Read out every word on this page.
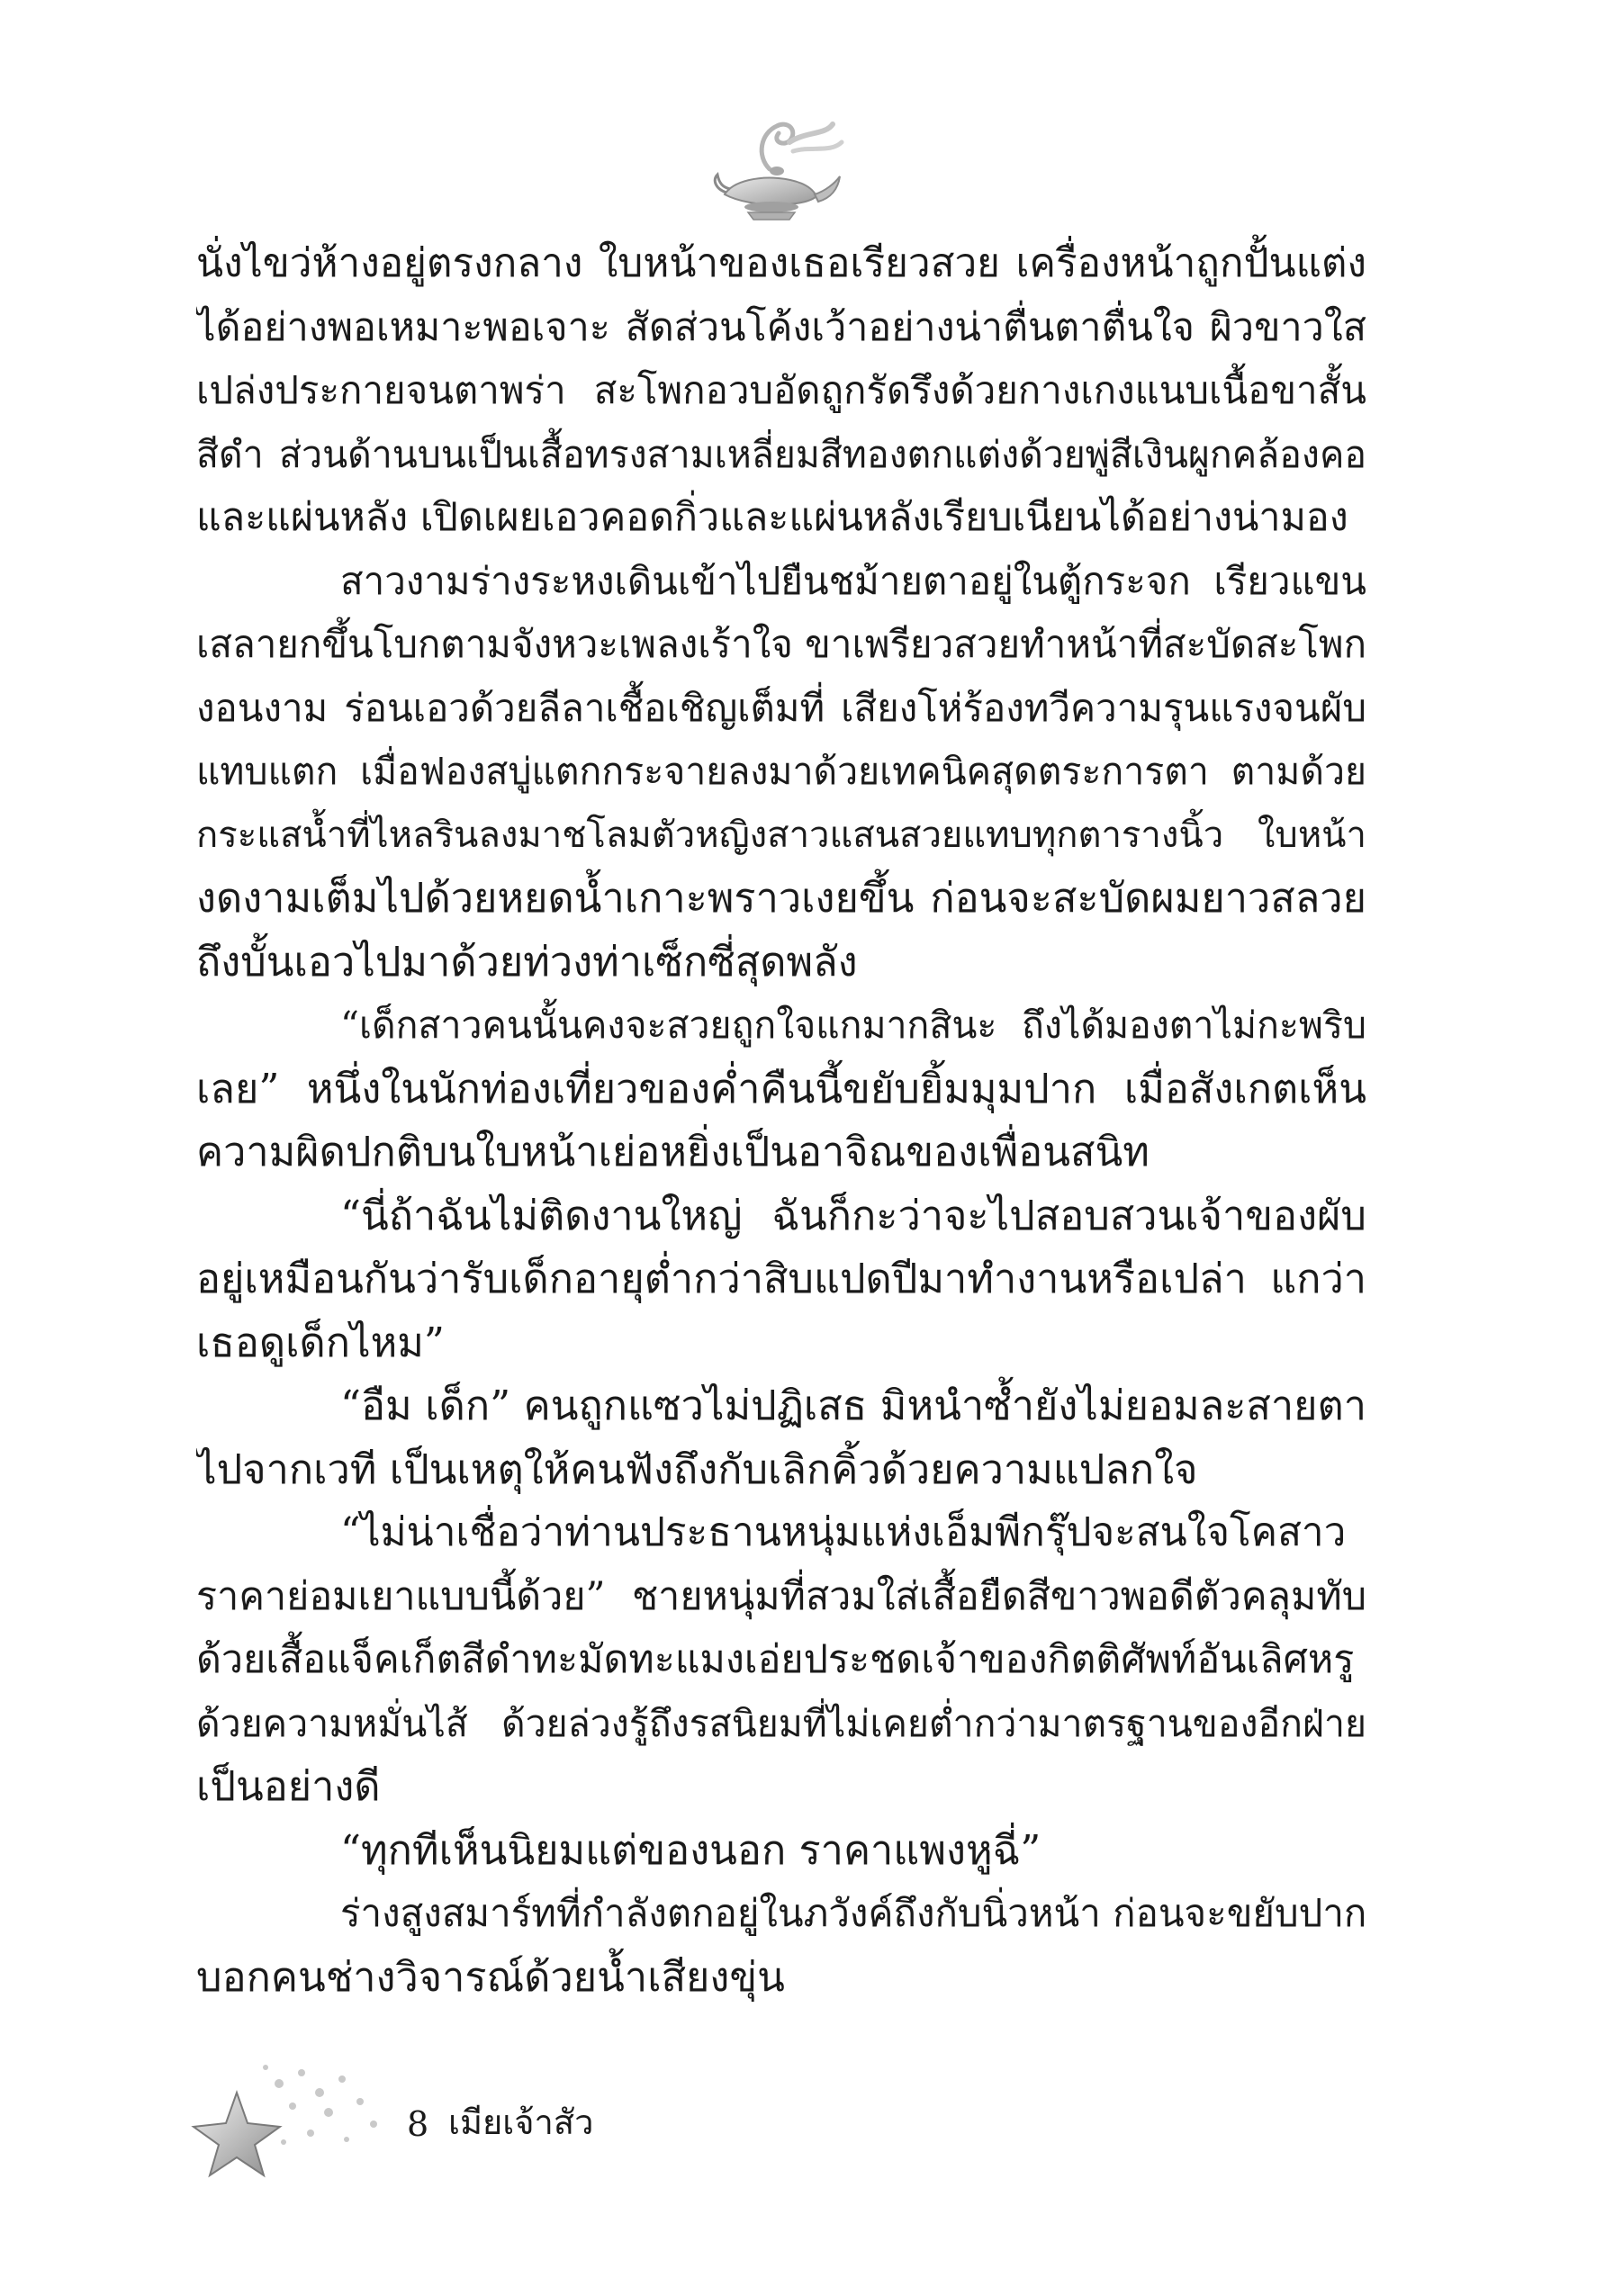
นั่งไขว่ห้างอยู่ตรงกลาง ใบหน้าของเธอเรียวสวย เครื่องหน้าถูกปั้นแต่ง
ได้อย่างพอเหมาะพอเจาะ สัดส่วนโค้งเว้าอย่างน่าตื่นตาตื่นใจ ผิวขาวใส
เปล่งประกายจนตาพร่า สะโพกอวบอัดถูกรัดรึงด้วยกางเกงแนบเนื้อขาสั้น
สีดำ ส่วนด้านบนเป็นเสื้อทรงสามเหลี่ยมสีทองตกแต่งด้วยพู่สีเงินผูกคล้องคอ
และแผ่นหลัง เปิดเผยเอวคอดกิ่วและแผ่นหลังเรียบเนียนได้อย่างน่ามอง
สาวงามร่างระหงเดินเข้าไปยืนชม้ายตาอยู่ในตู้กระจก เรียวแขน
เสลายกขึ้นโบกตามจังหวะเพลงเร้าใจ ขาเพรียวสวยทำหน้าที่สะบัดสะโพก
งอนงาม ร่อนเอวด้วยลีลาเชื้อเชิญเต็มที่ เสียงโห่ร้องทวีความรุนแรงจนผับ
แทบแตก เมื่อฟองสบู่แตกกระจายลงมาด้วยเทคนิคสุดตระการตา ตามด้วย
กระแสน้ำที่ไหลรินลงมาชโลมตัวหญิงสาวแสนสวยแทบทุกตารางนิ้ว ใบหน้า
งดงามเต็มไปด้วยหยดน้ำเกาะพราวเงยขึ้น ก่อนจะสะบัดผมยาวสลวย
ถึงบั้นเอวไปมาด้วยท่วงท่าเซ็กซี่สุดพลัง
“เด็กสาวคนนั้นคงจะสวยถูกใจแกมากสินะ ถึงได้มองตาไม่กะพริบ
เลย” หนึ่งในนักท่องเที่ยวของค่ำคืนนี้ขยับยิ้มมุมปาก เมื่อสังเกตเห็น
ความผิดปกติบนใบหน้าเย่อหยิ่งเป็นอาจิณของเพื่อนสนิท
“นี่ถ้าฉันไม่ติดงานใหญ่ ฉันก็กะว่าจะไปสอบสวนเจ้าของผับ
อยู่เหมือนกันว่ารับเด็กอายุต่ำกว่าสิบแปดปีมาทำงานหรือเปล่า แกว่า
เธอดูเด็กไหม”
“อืม เด็ก” คนถูกแซวไม่ปฏิเสธ มิหนำซ้ำยังไม่ยอมละสายตา
ไปจากเวที เป็นเหตุให้คนฟังถึงกับเลิกคิ้วด้วยความแปลกใจ
“ไม่น่าเชื่อว่าท่านประธานหนุ่มแห่งเอ็มพีกรุ๊ปจะสนใจโคสาว
ราคาย่อมเยาแบบนี้ด้วย” ชายหนุ่มที่สวมใส่เสื้อยืดสีขาวพอดีตัวคลุมทับ
ด้วยเสื้อแจ็คเก็ตสีดำทะมัดทะแมงเอ่ยประชดเจ้าของกิตติศัพท์อันเลิศหรู
ด้วยความหมั่นไส้ ด้วยล่วงรู้ถึงรสนิยมที่ไม่เคยต่ำกว่ามาตรฐานของอีกฝ่าย
เป็นอย่างดี
“ทุกทีเห็นนิยมแต่ของนอก ราคาแพงหูฉี่”
ร่างสูงสมาร์ทที่กำลังตกอยู่ในภวังค์ถึงกับนิ่วหน้า ก่อนจะขยับปาก
บอกคนช่างวิจารณ์ด้วยน้ำเสียงขุ่น
8 เมียเจ้าสัว
